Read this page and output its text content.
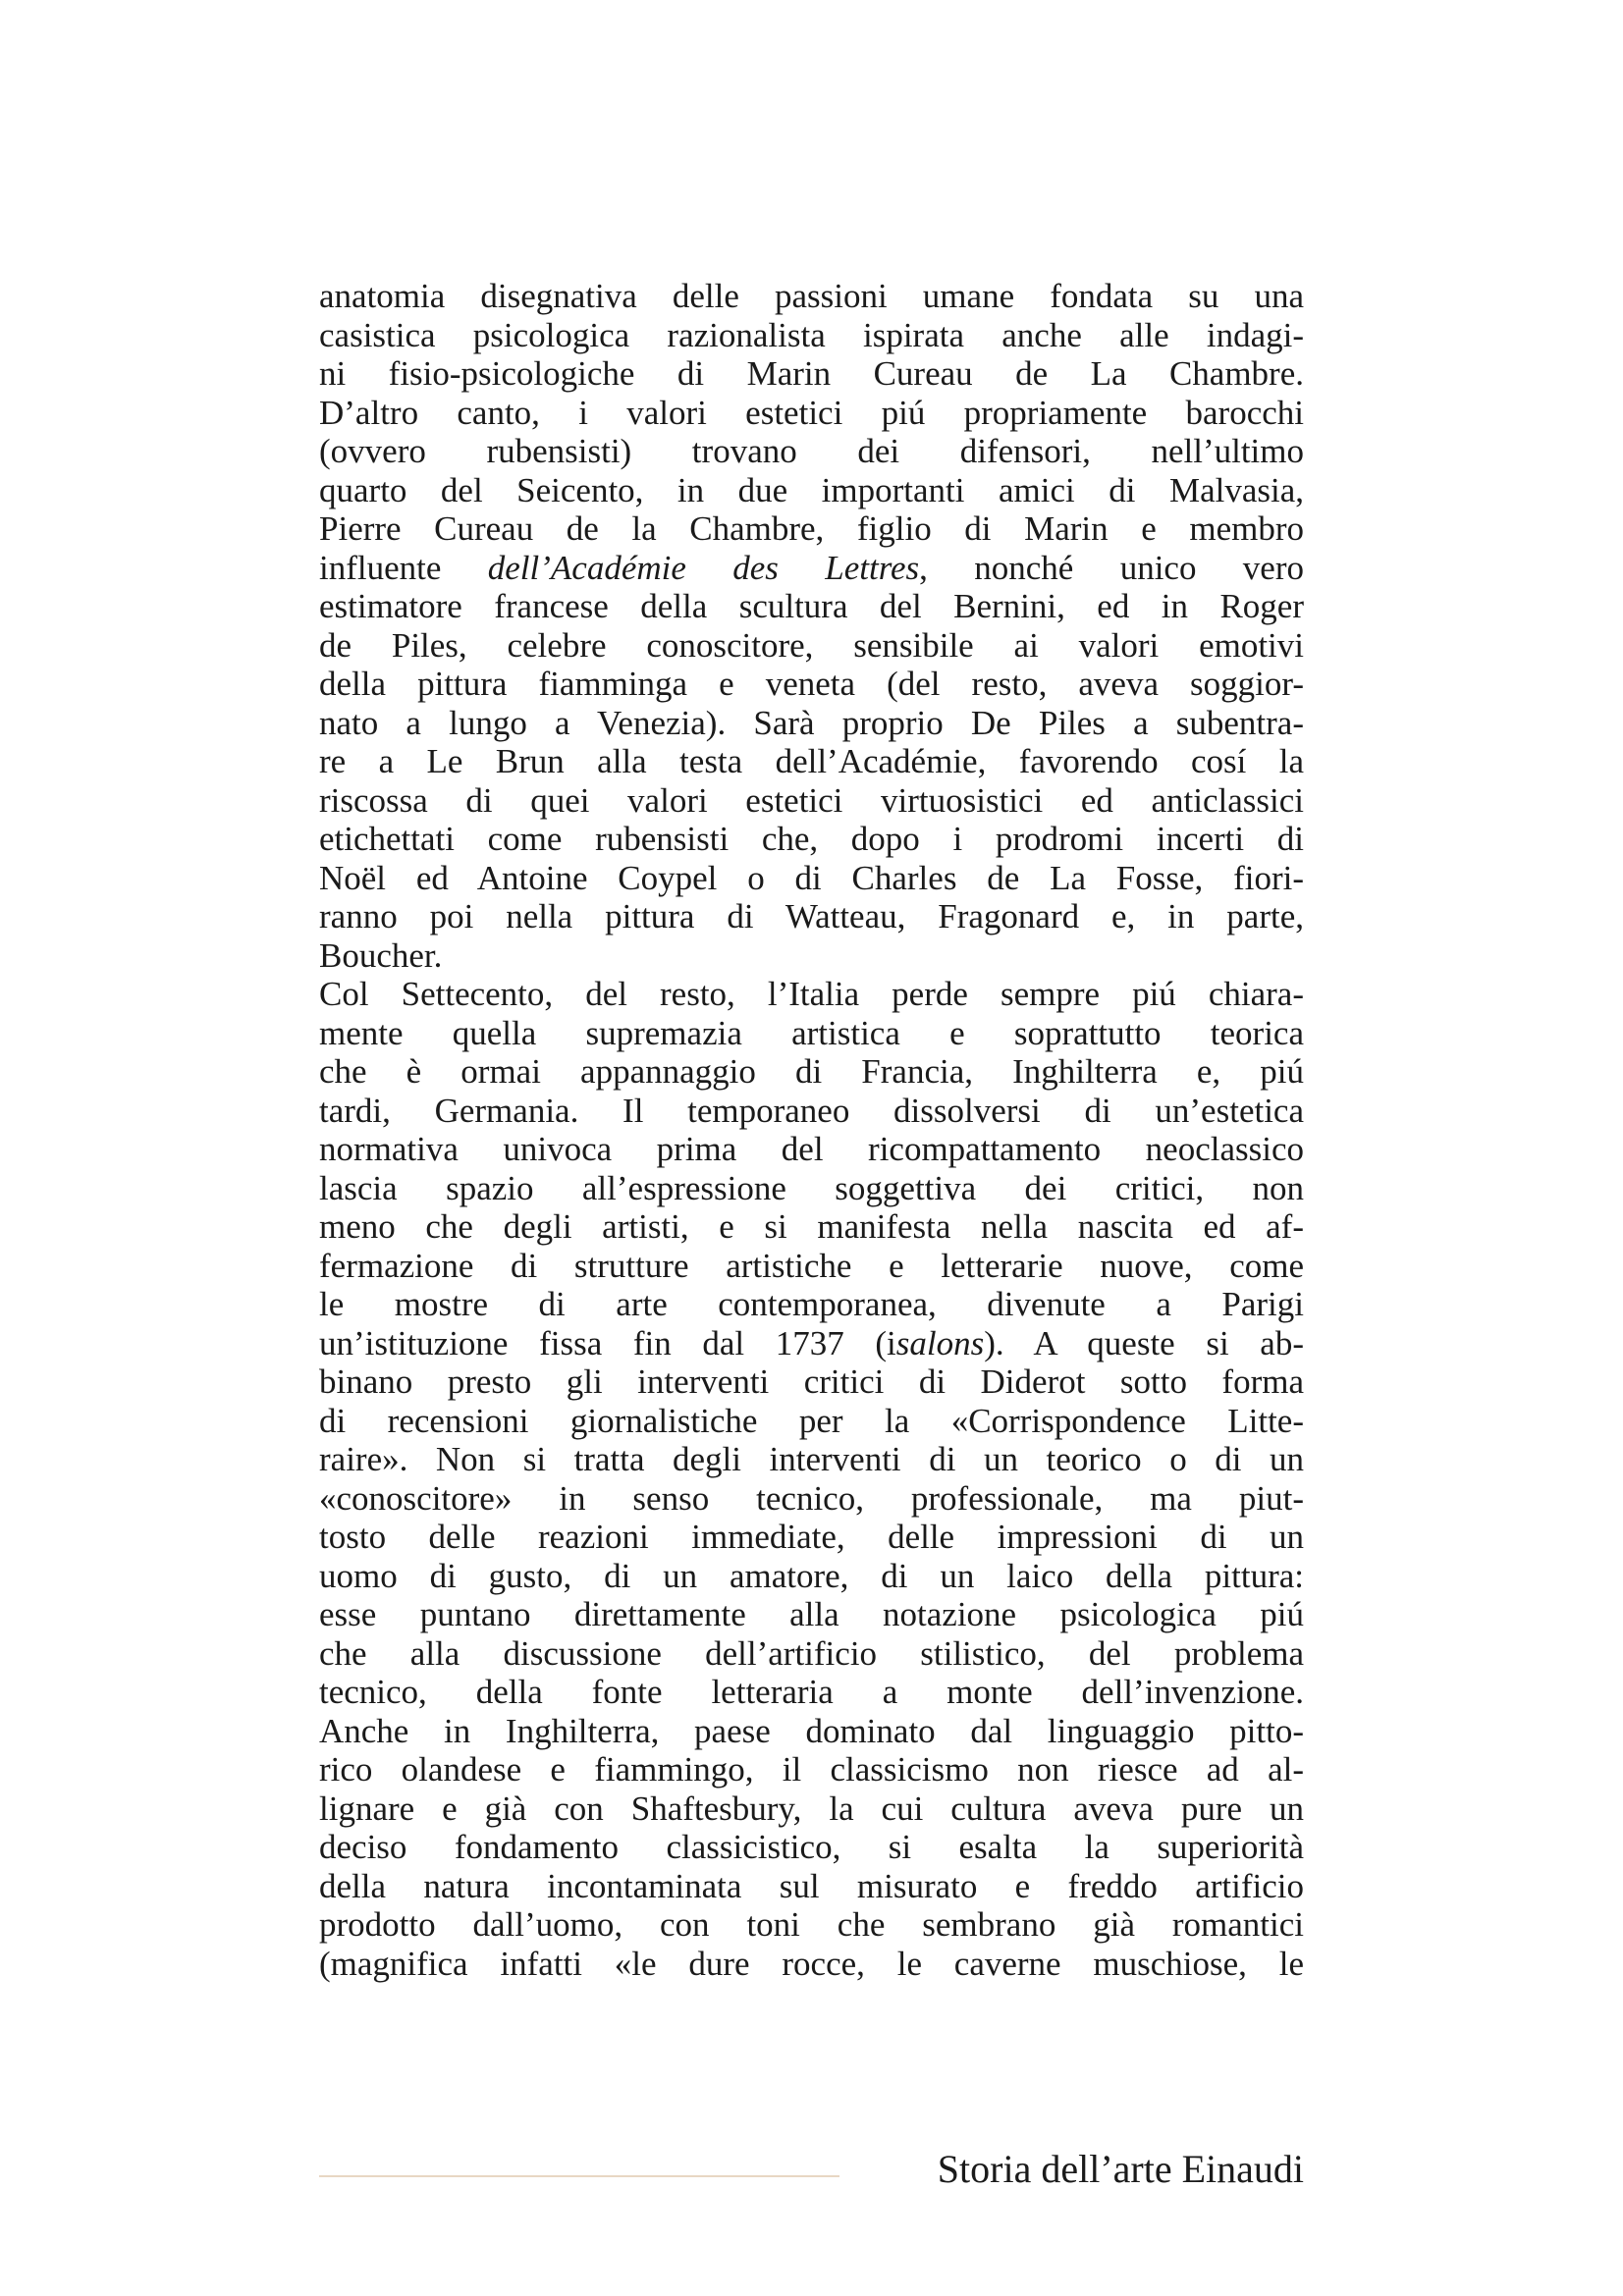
anatomia disegnativa delle passioni umane fondata su una
casistica psicologica razionalista ispirata anche alle indagi-
ni fisio-psicologiche di Marin Cureau de La Chambre.
D’altro canto, i valori estetici piú propriamente barocchi
(ovvero rubensisti) trovano dei difensori, nell’ultimo
quarto del Seicento, in due importanti amici di Malvasia,
Pierre Cureau de la Chambre, figlio di Marin e membro
influente dell’Académie des Lettres, nonché unico vero
estimatore francese della scultura del Bernini, ed in Roger
de Piles, celebre conoscitore, sensibile ai valori emotivi
della pittura fiamminga e veneta (del resto, aveva soggior-
nato a lungo a Venezia). Sarà proprio De Piles a subentra-
re a Le Brun alla testa dell’Académie, favorendo cosí la
riscossa di quei valori estetici virtuosistici ed anticlassici
etichettati come rubensisti che, dopo i prodromi incerti di
Noël ed Antoine Coypel o di Charles de La Fosse, fiori-
ranno poi nella pittura di Watteau, Fragonard e, in parte,
Boucher.
Col Settecento, del resto, l’Italia perde sempre piú chiara-
mente quella supremazia artistica e soprattutto teorica
che è ormai appannaggio di Francia, Inghilterra e, piú
tardi, Germania. Il temporaneo dissolversi di un’estetica
normativa univoca prima del ricompattamento neoclassico
lascia spazio all’espressione soggettiva dei critici, non
meno che degli artisti, e si manifesta nella nascita ed af-
fermazione di strutture artistiche e letterarie nuove, come
le mostre di arte contemporanea, divenute a Parigi
un’istituzione fissa fin dal 1737 (isalons). A queste si ab-
binano presto gli interventi critici di Diderot sotto forma
di recensioni giornalistiche per la «Corrispondence Litte-
raire». Non si tratta degli interventi di un teorico o di un
«conoscitore» in senso tecnico, professionale, ma piut-
tosto delle reazioni immediate, delle impressioni di un
uomo di gusto, di un amatore, di un laico della pittura:
esse puntano direttamente alla notazione psicologica piú
che alla discussione dell’artificio stilistico, del problema
tecnico, della fonte letteraria a monte dell’invenzione.
Anche in Inghilterra, paese dominato dal linguaggio pitto-
rico olandese e fiammingo, il classicismo non riesce ad al-
lignare e già con Shaftesbury, la cui cultura aveva pure un
deciso fondamento classicistico, si esalta la superiorità
della natura incontaminata sul misurato e freddo artificio
prodotto dall’uomo, con toni che sembrano già romantici
(magnifica infatti «le dure rocce, le caverne muschiose, le
Storia dell’arte Einaudi
